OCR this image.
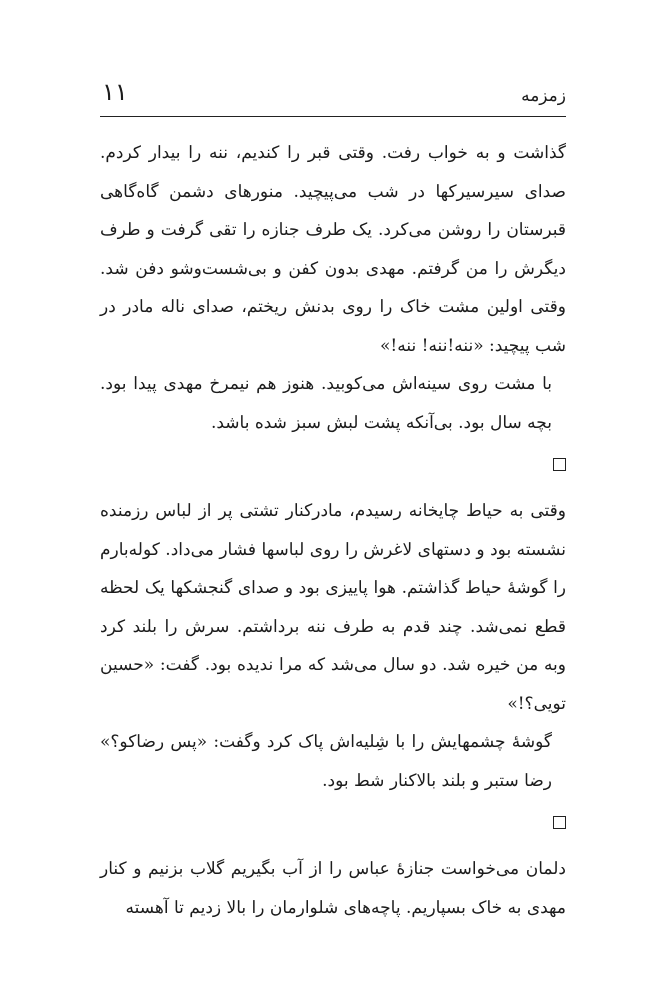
زمزمه
۱۱

گذاشت و به خواب رفت. وقتی قبر را کندیم، ننه را بیدار کردم. صدای سیرسیرکها در شب می‌پیچید. منورهای دشمن گاه‌گاهی قبرستان را روشن می‌کرد. یک طرف جنازه را تقی گرفت و طرف دیگرش را من گرفتم. مهدی بدون کفن و بی‌شست‌وشو دفن شد. وقتی اولین مشت خاک را روی بدنش ریختم، صدای ناله مادر در شب پیچید: «ننه!ننه! ننه!»

با مشت روی سینه‌اش می‌کوبید. هنوز هم نیمرخ مهدی پیدا بود. بچه سال بود. بی‌آنکه پشت لبش سبز شده باشد.

وقتی به حیاط چایخانه رسیدم، مادرکنار تشتی پر از لباس رزمنده نشسته بود و دستهای لاغرش را روی لباسها فشار می‌داد. کوله‌بارم را گوشهٔ حیاط گذاشتم. هوا پاییزی بود و صدای گنجشکها یک لحظه قطع نمی‌شد. چند قدم به طرف ننه برداشتم. سرش را بلند کرد وبه من خیره شد. دو سال می‌شد که مرا ندیده بود. گفت: «حسین تویی؟!»

گوشهٔ چشمهایش را با شِلیه‌اش پاک کرد وگفت: «پس رضاکو؟» رضا ستبر و بلند بالاکنار شط بود.

دلمان می‌خواست جنازهٔ عباس را از آب بگیریم گلاب بزنیم و کنار مهدی به خاک بسپاریم. پاچه‌های شلوارمان را بالا زدیم تا آهسته
